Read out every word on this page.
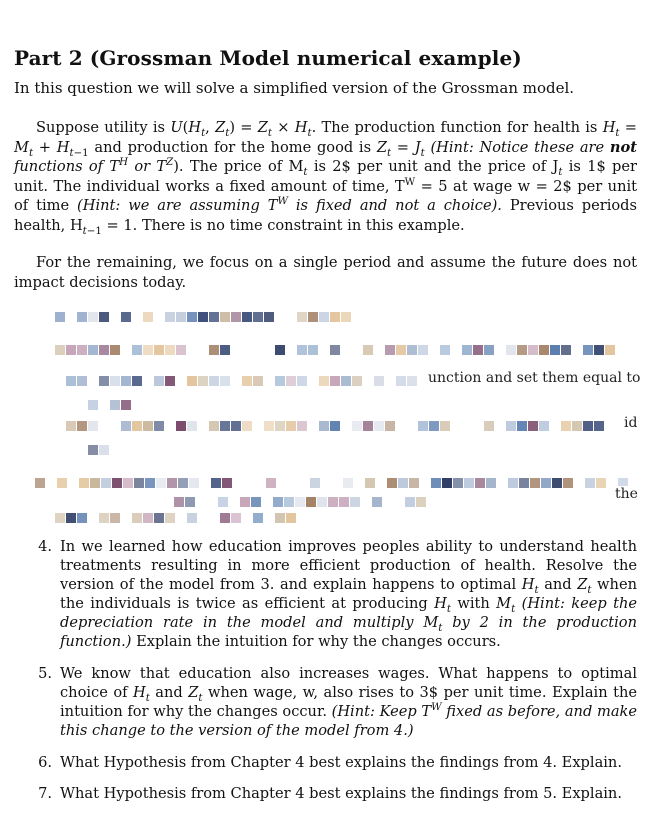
Part 2 (Grossman Model numerical example)
In this question we will solve a simplified version of the Grossman model.
Suppose utility is $U(H_t$, $Z_t) = Z_t \times H_t$. The production function for health is $H_t = M_t + H_{t-1}$ and production for the home good is $Z_t = J_t$ (Hint: Notice these are not functions of $T^H$ or $T^Z$). The price of $M_t$ is 2$ per unit and the price of $J_t$ is 1$ per unit. The individual works a fixed amount of time, $T^W = 5$ at wage w = 2$ per unit of time (Hint: we are assuming $T^W$ is fixed and not a choice). Previous periods health, $H_{t-1} = 1$. There is no time constraint in this example.
For the remaining, we focus on a single period and assume the future does not impact decisions today.
unction and set them equal to
id
the
4. In we learned how education improves peoples ability to understand health treatments resulting in more efficient production of health. Resolve the version of the model from 3. and explain happens to optimal $H_t$ and $Z_t$ when the individuals is twice as efficient at producing $H_t$ with $M_t$ (Hint: keep the depreciation rate in the model and multiply $M_t$ by 2 in the production function.) Explain the intuition for why the changes occurs.
5. We know that education also increases wages. What happens to optimal choice of $H_t$ and $Z_t$ when wage, w, also rises to 3$ per unit time. Explain the intuition for why the changes occur. (Hint: Keep $T^W$ fixed as before, and make this change to the version of the model from 4.)
6. What Hypothesis from Chapter 4 best explains the findings from 4. Explain.
7. What Hypothesis from Chapter 4 best explains the findings from 5. Explain.
